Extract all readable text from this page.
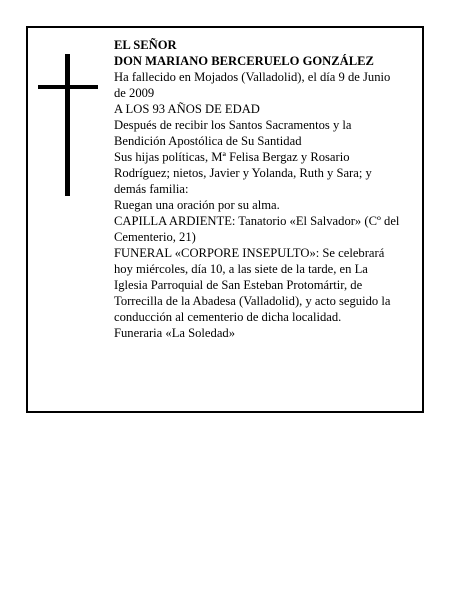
EL SEÑOR
DON MARIANO BERCERUELO GONZÁLEZ
Ha fallecido en Mojados (Valladolid), el día 9 de Junio
de 2009
A LOS 93 AÑOS DE EDAD
Después de recibir los Santos Sacramentos y la
Bendición Apostólica de Su Santidad
Sus hijas políticas, Mª Felisa Bergaz y Rosario
Rodríguez; nietos, Javier y Yolanda, Ruth y Sara; y
demás familia:
Ruegan una oración por su alma.
CAPILLA ARDIENTE: Tanatorio «El Salvador» (Cº del
Cementerio, 21)
FUNERAL «CORPORE INSEPULTO»: Se celebrará
hoy miércoles, día 10, a las siete de la tarde, en La
Iglesia Parroquial de San Esteban Protomártir, de
Torrecilla de la Abadesa (Valladolid), y acto seguido la
conducción al cementerio de dicha localidad.
Funeraria «La Soledad»
